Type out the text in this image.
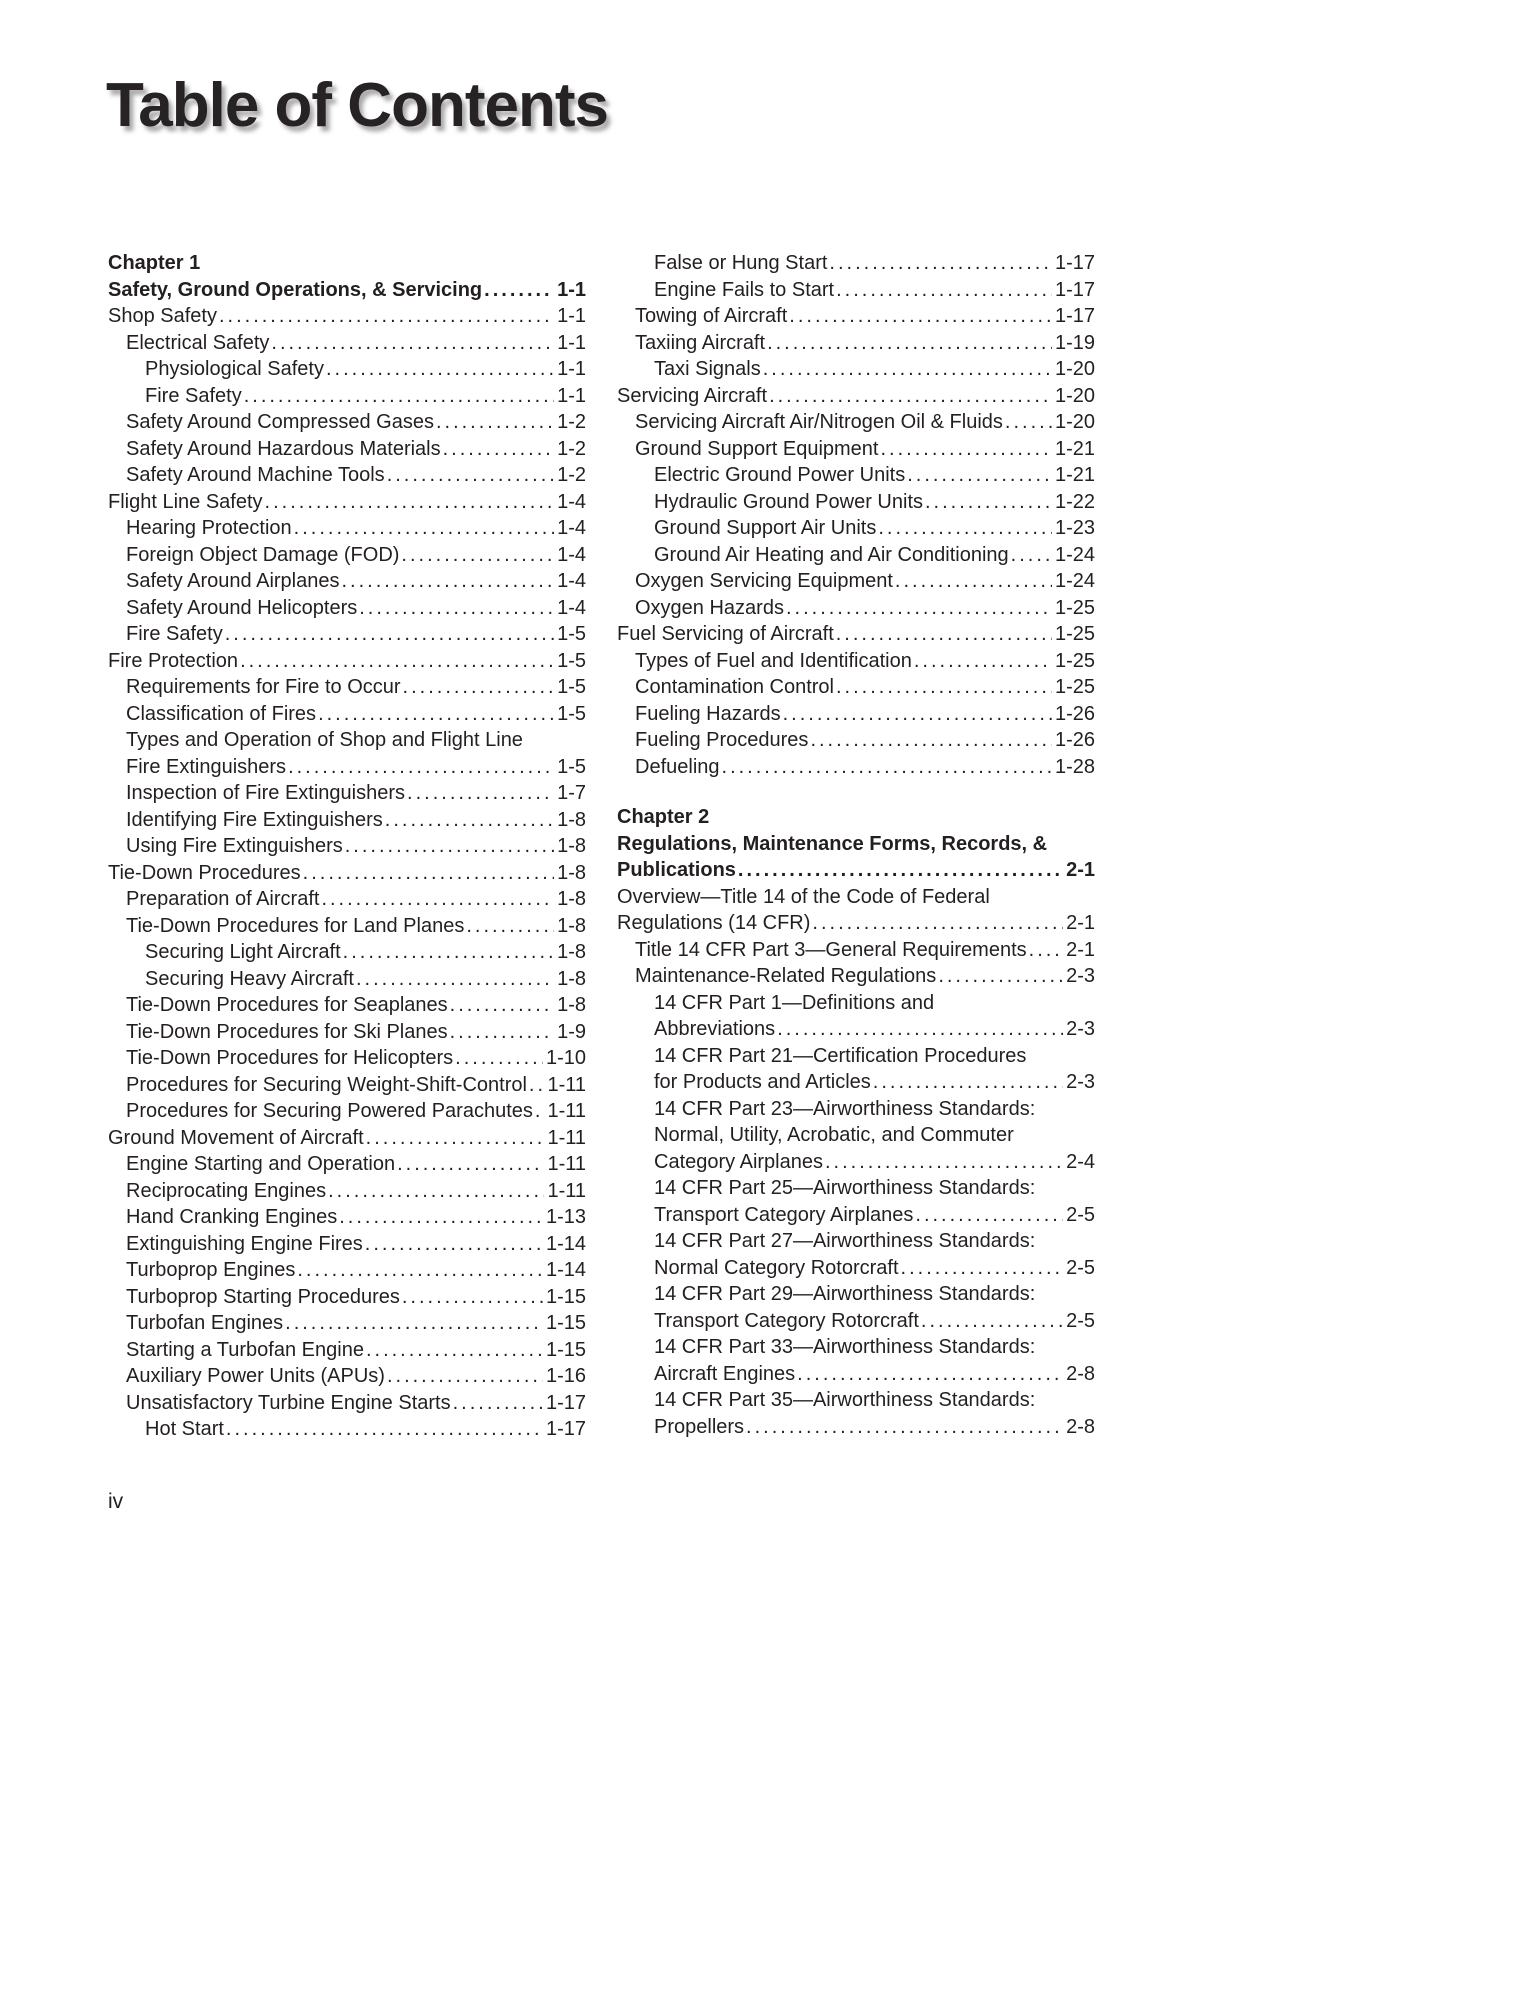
Table of Contents
Chapter 1
Safety, Ground Operations, & Servicing .....	1-1
Shop Safety .....	1-1
Electrical Safety .....	1-1
Physiological Safety .....	1-1
Fire Safety .....	1-1
Safety Around Compressed Gases .....	1-2
Safety Around Hazardous Materials .....	1-2
Safety Around Machine Tools .....	1-2
Flight Line Safety .....	1-4
Hearing Protection .....	1-4
Foreign Object Damage (FOD) .....	1-4
Safety Around Airplanes .....	1-4
Safety Around Helicopters .....	1-4
Fire Safety .....	1-5
Fire Protection .....	1-5
Requirements for Fire to Occur .....	1-5
Classification of Fires .....	1-5
Types and Operation of Shop and Flight Line
Fire Extinguishers .....	1-5
Inspection of Fire Extinguishers .....	1-7
Identifying Fire Extinguishers .....	1-8
Using Fire Extinguishers .....	1-8
Tie-Down Procedures .....	1-8
Preparation of Aircraft .....	1-8
Tie-Down Procedures for Land Planes .....	1-8
Securing Light Aircraft .....	1-8
Securing Heavy Aircraft .....	1-8
Tie-Down Procedures for Seaplanes .....	1-8
Tie-Down Procedures for Ski Planes .....	1-9
Tie-Down Procedures for Helicopters .....	1-10
Procedures for Securing Weight-Shift-Control ..... 1-11
Procedures for Securing Powered Parachutes ..... 1-11
Ground Movement of Aircraft .....	1-11
Engine Starting and Operation .....	1-11
Reciprocating Engines .....	1-11
Hand Cranking Engines .....	1-13
Extinguishing Engine Fires .....	1-14
Turboprop Engines .....	1-14
Turboprop Starting Procedures .....	1-15
Turbofan Engines .....	1-15
Starting a Turbofan Engine .....	1-15
Auxiliary Power Units (APUs) .....	1-16
Unsatisfactory Turbine Engine Starts .....	1-17
Hot Start .....	1-17
False or Hung Start .....	1-17
Engine Fails to Start .....	1-17
Towing of Aircraft .....	1-17
Taxiing Aircraft .....	1-19
Taxi Signals .....	1-20
Servicing Aircraft .....	1-20
Servicing Aircraft Air/Nitrogen Oil & Fluids .....	1-20
Ground Support Equipment .....	1-21
Electric Ground Power Units .....	1-21
Hydraulic Ground Power Units .....	1-22
Ground Support Air Units .....	1-23
Ground Air Heating and Air Conditioning ..... 1-24
Oxygen Servicing Equipment .....	1-24
Oxygen Hazards .....	1-25
Fuel Servicing of Aircraft .....	1-25
Types of Fuel and Identification .....	1-25
Contamination Control .....	1-25
Fueling Hazards .....	1-26
Fueling Procedures .....	1-26
Defueling .....	1-28
Chapter 2
Regulations, Maintenance Forms, Records, &
Publications .....	2-1
Overview—Title 14 of the Code of Federal
Regulations (14 CFR) .....	2-1
Title 14 CFR Part 3—General Requirements ..... 2-1
Maintenance-Related Regulations .....	2-3
14 CFR Part 1—Definitions and
Abbreviations .....	2-3
14 CFR Part 21—Certification Procedures
for Products and Articles .....	2-3
14 CFR Part 23—Airworthiness Standards:
Normal, Utility, Acrobatic, and Commuter
Category Airplanes .....	2-4
14 CFR Part 25—Airworthiness Standards:
Transport Category Airplanes .....	2-5
14 CFR Part 27—Airworthiness Standards:
Normal Category Rotorcraft .....	2-5
14 CFR Part 29—Airworthiness Standards:
Transport Category Rotorcraft .....	2-5
14 CFR Part 33—Airworthiness Standards:
Aircraft Engines .....	2-8
14 CFR Part 35—Airworthiness Standards:
Propellers .....	2-8
iv
